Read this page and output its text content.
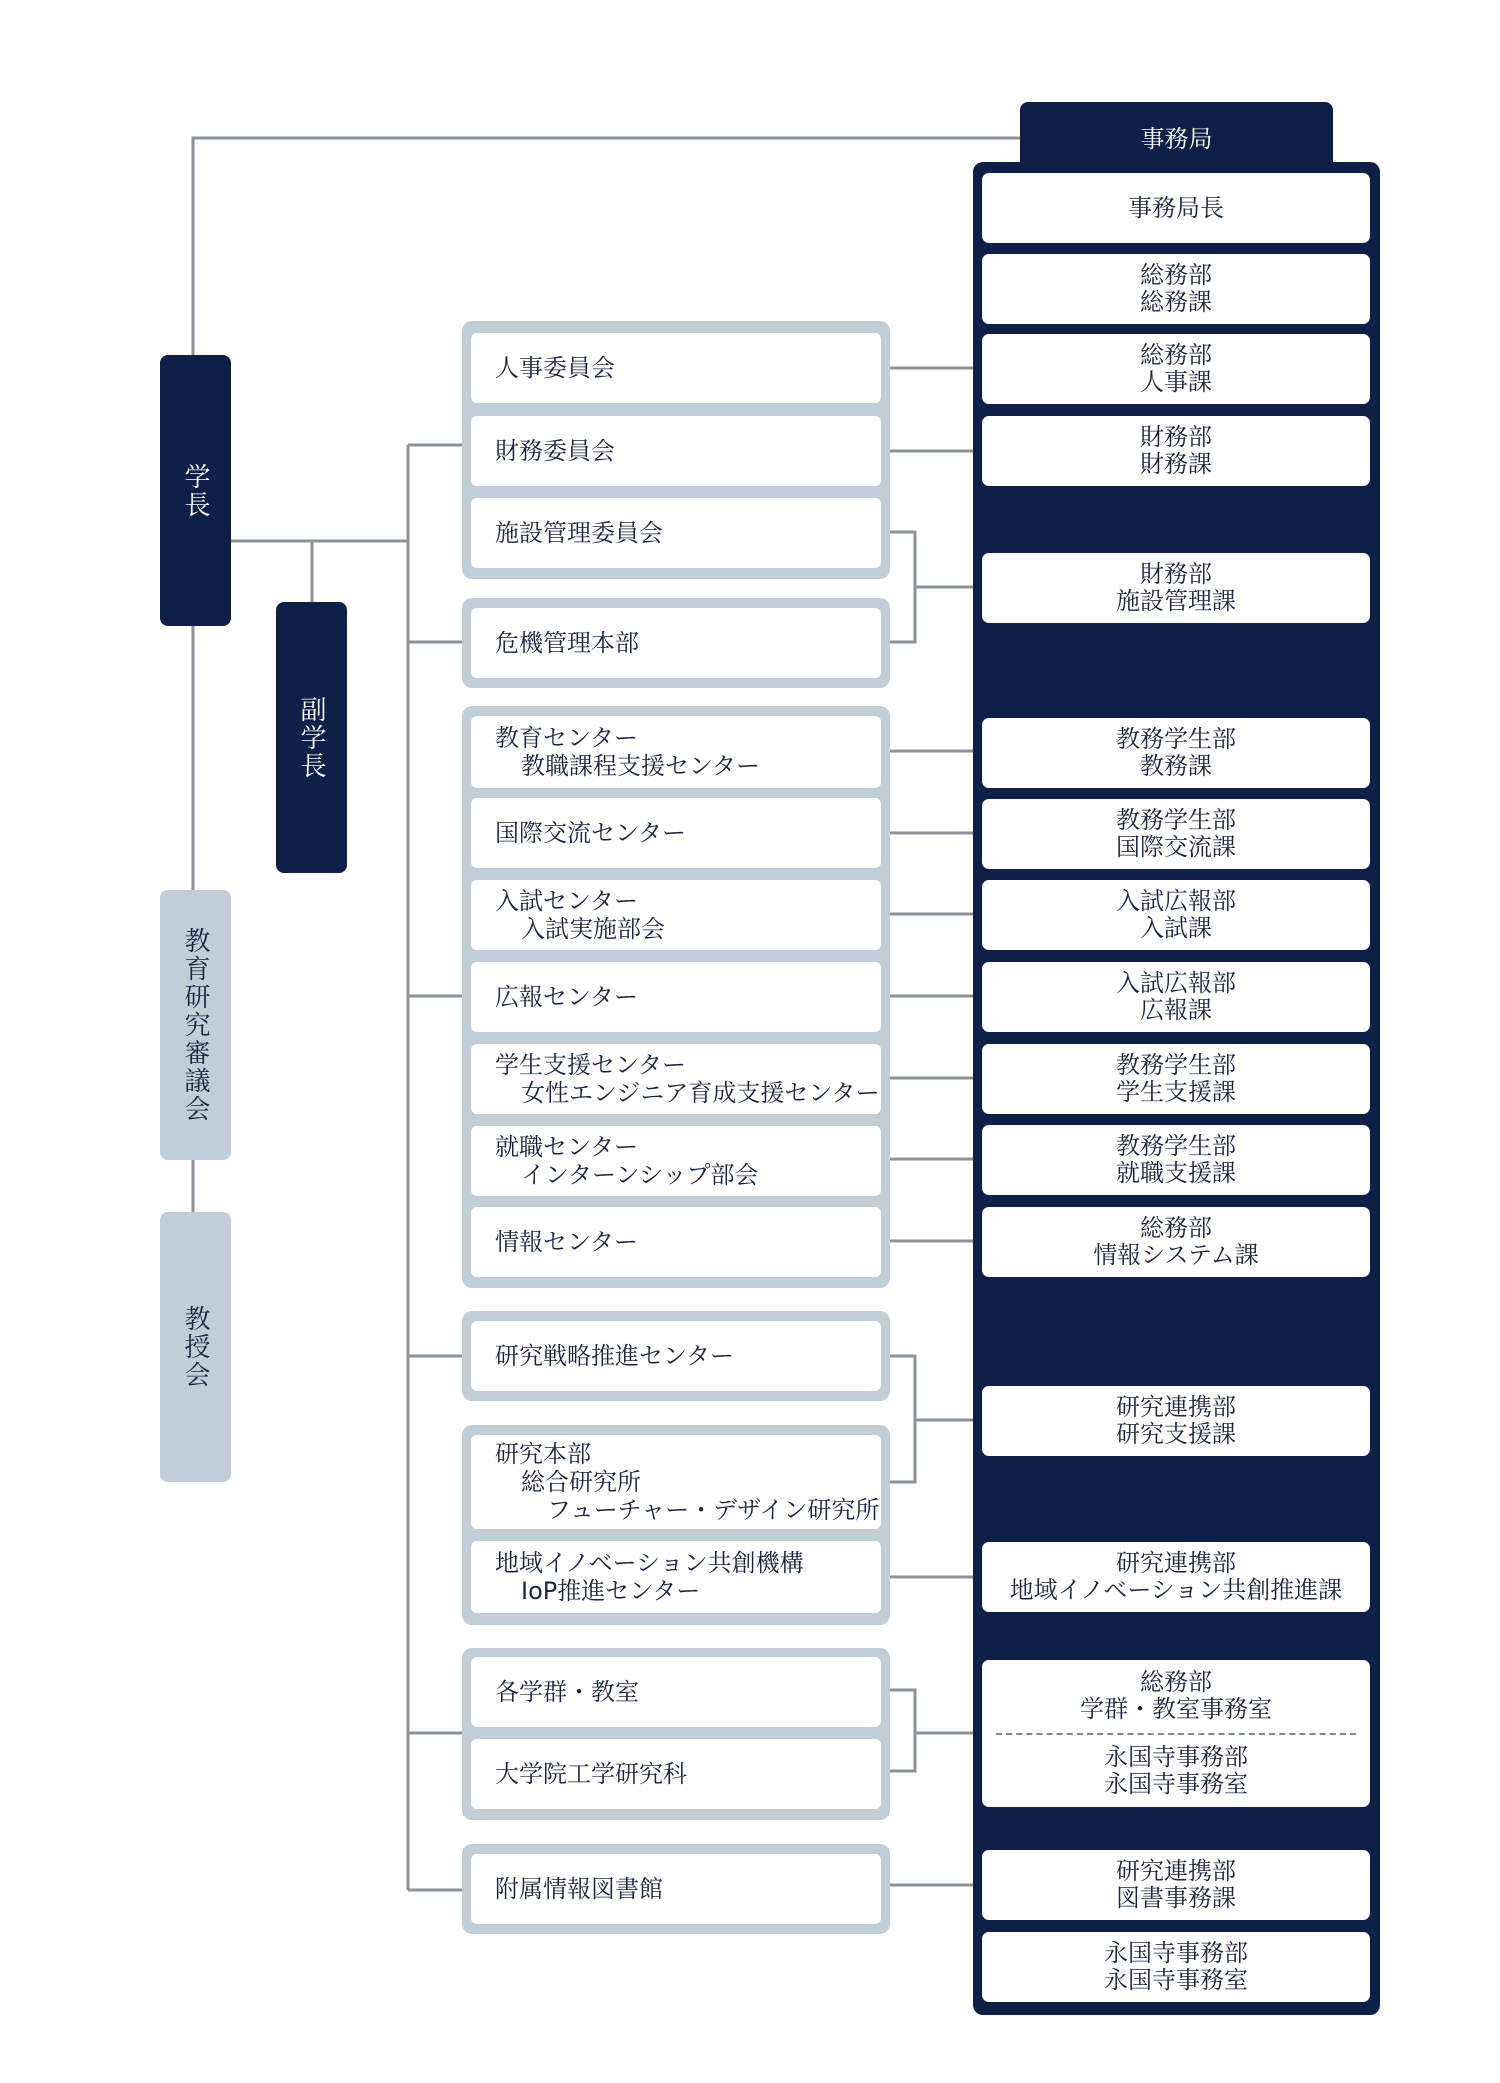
学長
副学長
教育研究審議会
教授会
人事委員会
財務委員会
施設管理委員会
危機管理本部
教育センター
教職課程支援センター
国際交流センター
入試センター
入試実施部会
広報センター
学生支援センター
女性エンジニア育成支援センター
就職センター
インターンシップ部会
情報センター
研究戦略推進センター
研究本部
総合研究所
フューチャー・デザイン研究所
地域イノベーション共創機構
IoP推進センター
各学群・教室
大学院工学研究科
附属情報図書館
事務局
事務局長
総務部
総務課
総務部
人事課
財務部
財務課
財務部
施設管理課
教務学生部
教務課
教務学生部
国際交流課
入試広報部
入試課
入試広報部
広報課
教務学生部
学生支援課
教務学生部
就職支援課
総務部
情報システム課
研究連携部
研究支援課
研究連携部
地域イノベーション共創推進課
総務部
学群・教室事務室
永国寺事務部
永国寺事務室
研究連携部
図書事務課
永国寺事務部
永国寺事務室
